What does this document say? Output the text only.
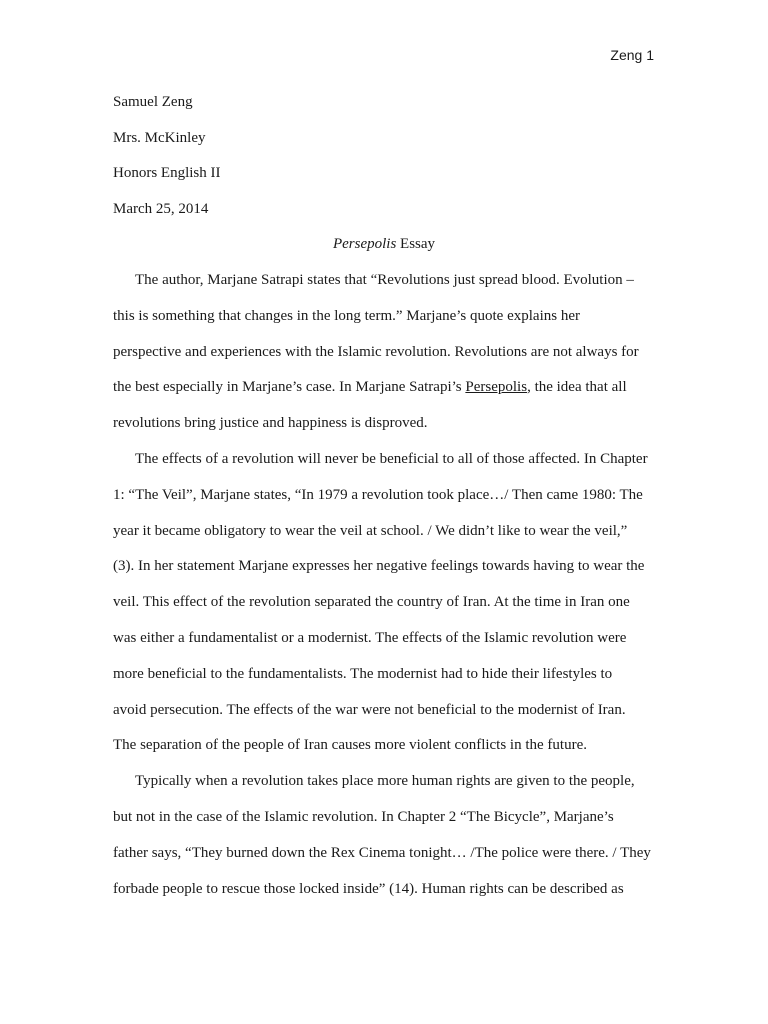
Zeng 1
Samuel Zeng
Mrs. McKinley
Honors English II
March 25, 2014
Persepolis Essay
The author, Marjane Satrapi states that “Revolutions just spread blood. Evolution –
this is something that changes in the long term.” Marjane’s quote explains her
perspective and experiences with the Islamic revolution. Revolutions are not always for
the best especially in Marjane’s case. In Marjane Satrapi’s Persepolis, the idea that all
revolutions bring justice and happiness is disproved.
The effects of a revolution will never be beneficial to all of those affected. In Chapter
1: “The Veil”, Marjane states, “In 1979 a revolution took place…/ Then came 1980: The
year it became obligatory to wear the veil at school. / We didn’t like to wear the veil,”
(3). In her statement Marjane expresses her negative feelings towards having to wear the
veil. This effect of the revolution separated the country of Iran. At the time in Iran one
was either a fundamentalist or a modernist. The effects of the Islamic revolution were
more beneficial to the fundamentalists. The modernist had to hide their lifestyles to
avoid persecution. The effects of the war were not beneficial to the modernist of Iran.
The separation of the people of Iran causes more violent conflicts in the future.
Typically when a revolution takes place more human rights are given to the people,
but not in the case of the Islamic revolution. In Chapter 2 “The Bicycle”, Marjane’s
father says, “They burned down the Rex Cinema tonight… /The police were there. / They
forbade people to rescue those locked inside” (14). Human rights can be described as
